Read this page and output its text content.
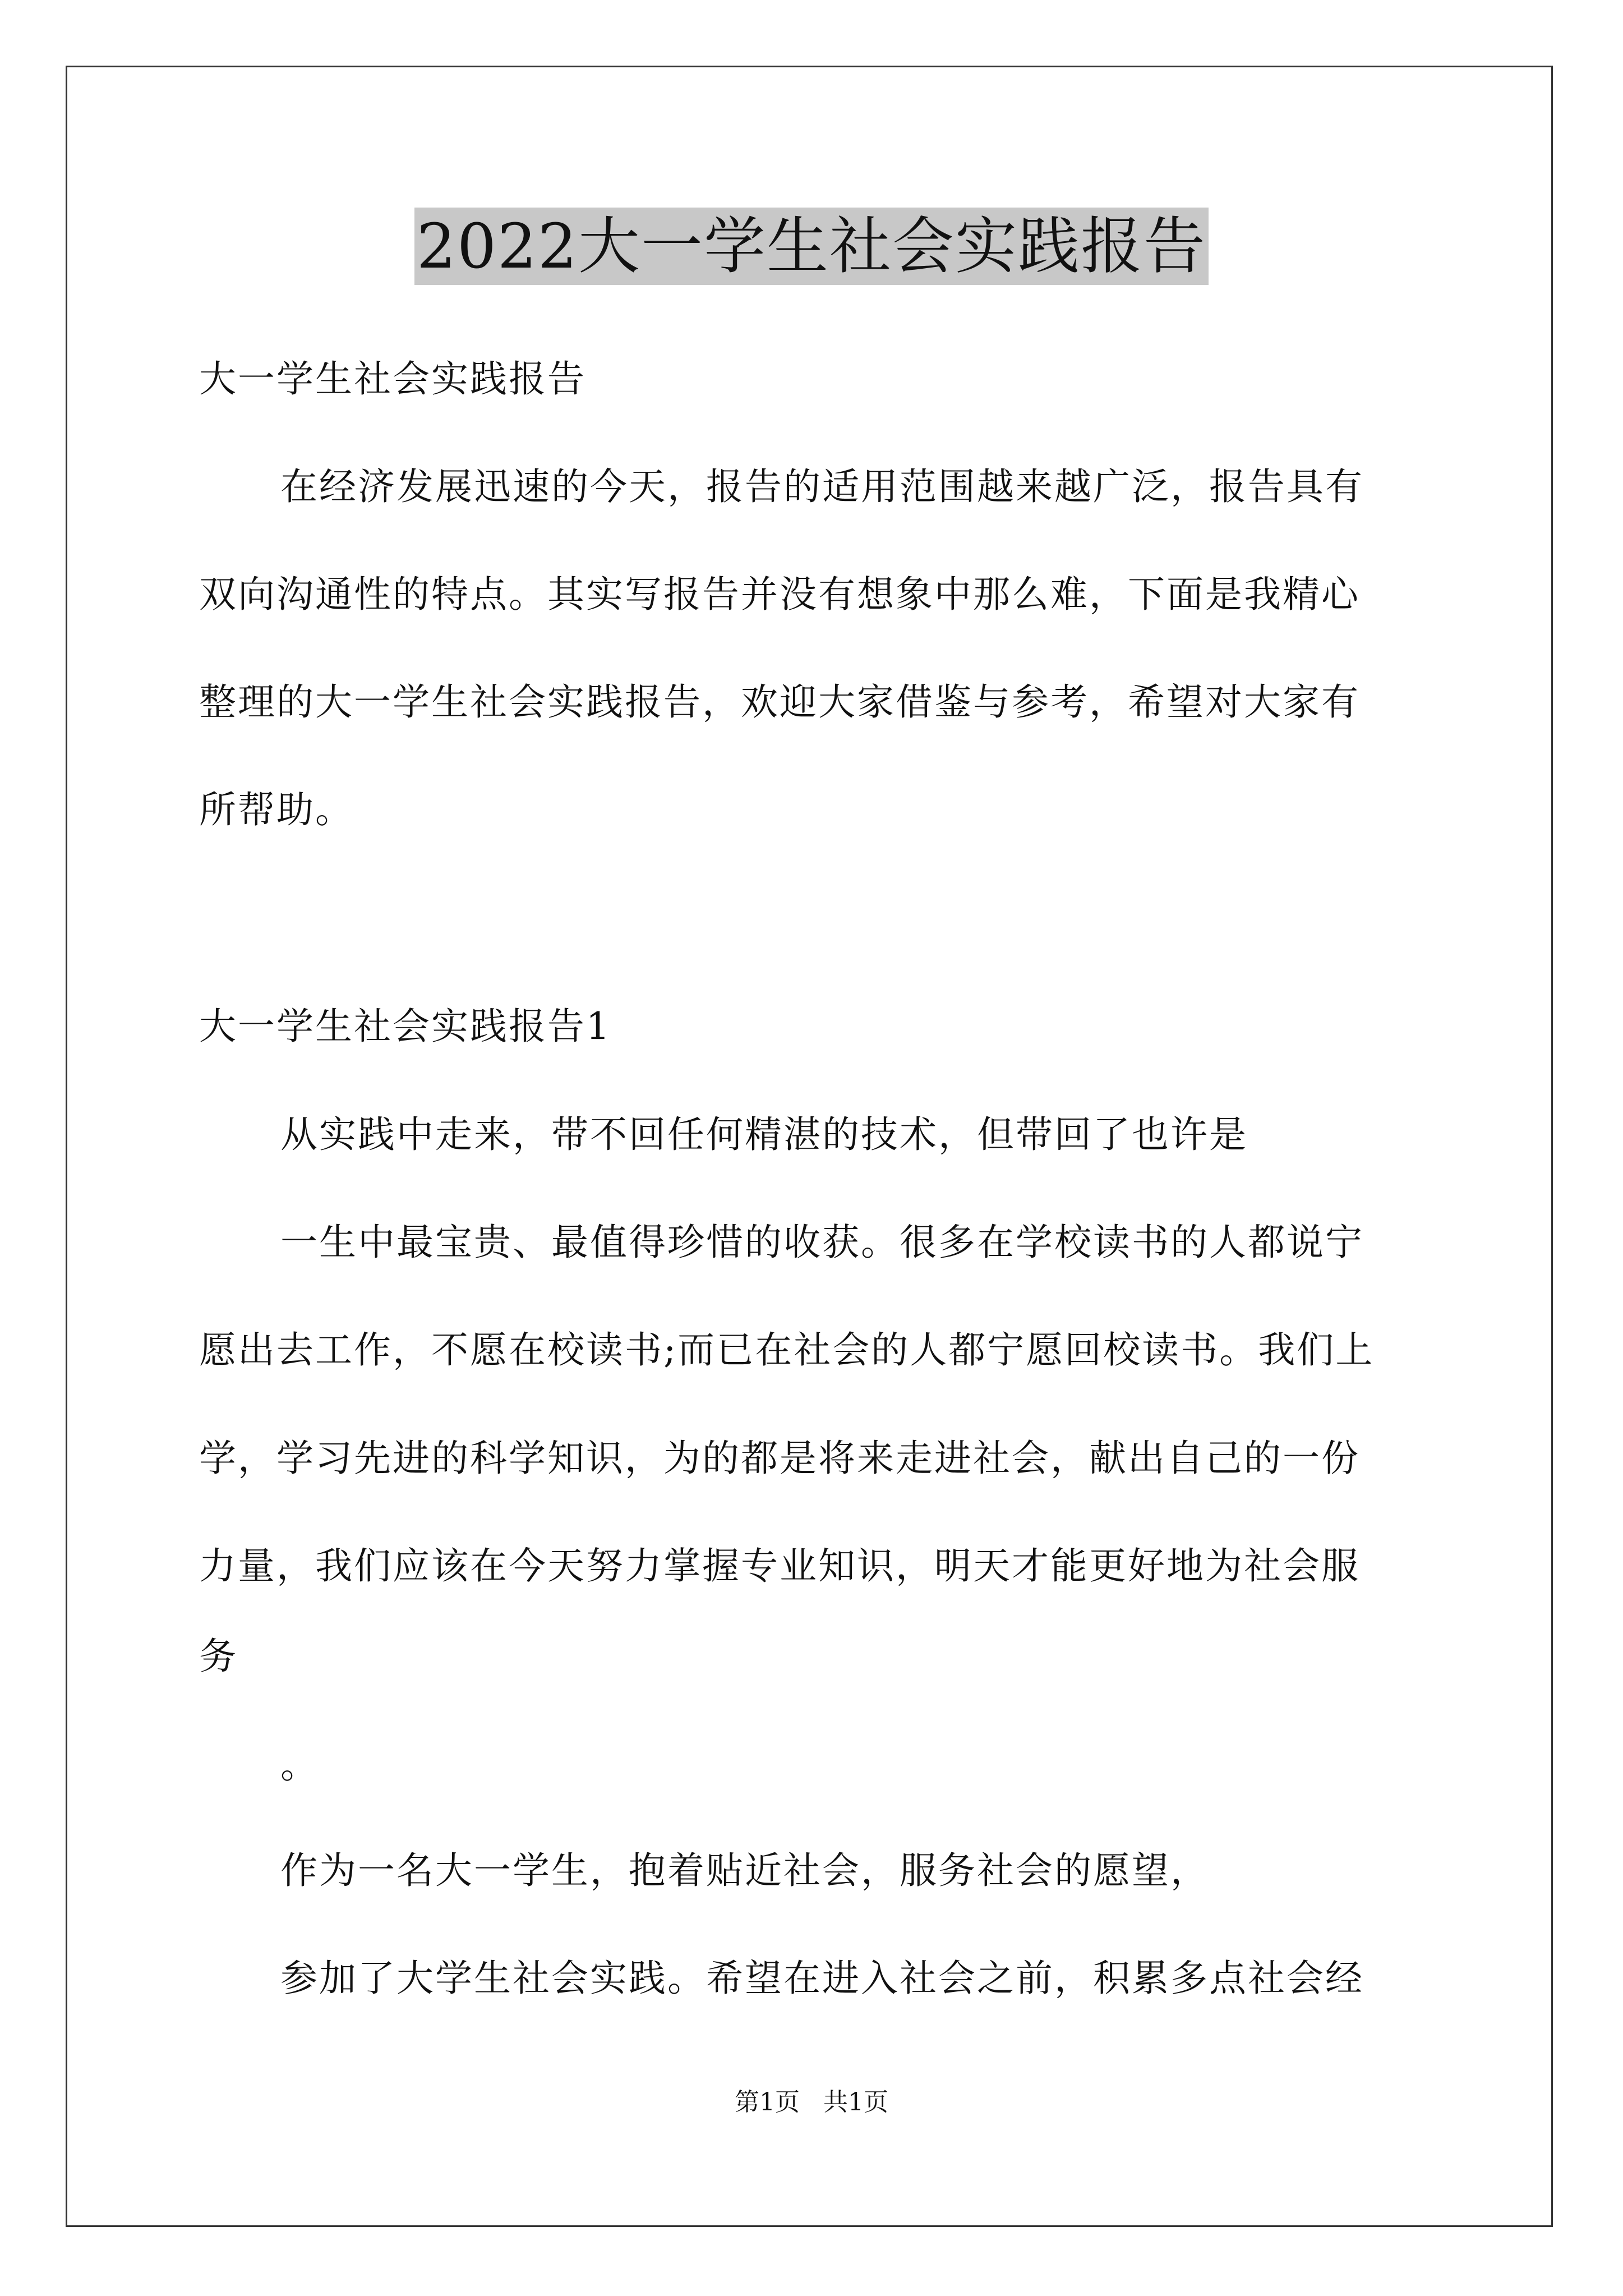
2022大一学生社会实践报告
大一学生社会实践报告
在经济发展迅速的今天，报告的适用范围越来越广泛，报告具有
双向沟通性的特点。其实写报告并没有想象中那么难，下面是我精心
整理的大一学生社会实践报告，欢迎大家借鉴与参考，希望对大家有
所帮助。
大一学生社会实践报告1
从实践中走来，带不回任何精湛的技术，但带回了也许是
一生中最宝贵、最值得珍惜的收获。很多在学校读书的人都说宁
愿出去工作，不愿在校读书;而已在社会的人都宁愿回校读书。我们上
学，学习先进的科学知识，为的都是将来走进社会，献出自己的一份
力量，我们应该在今天努力掌握专业知识，明天才能更好地为社会服
务
。
作为一名大一学生，抱着贴近社会，服务社会的愿望，
参加了大学生社会实践。希望在进入社会之前，积累多点社会经
第1页   共1页
